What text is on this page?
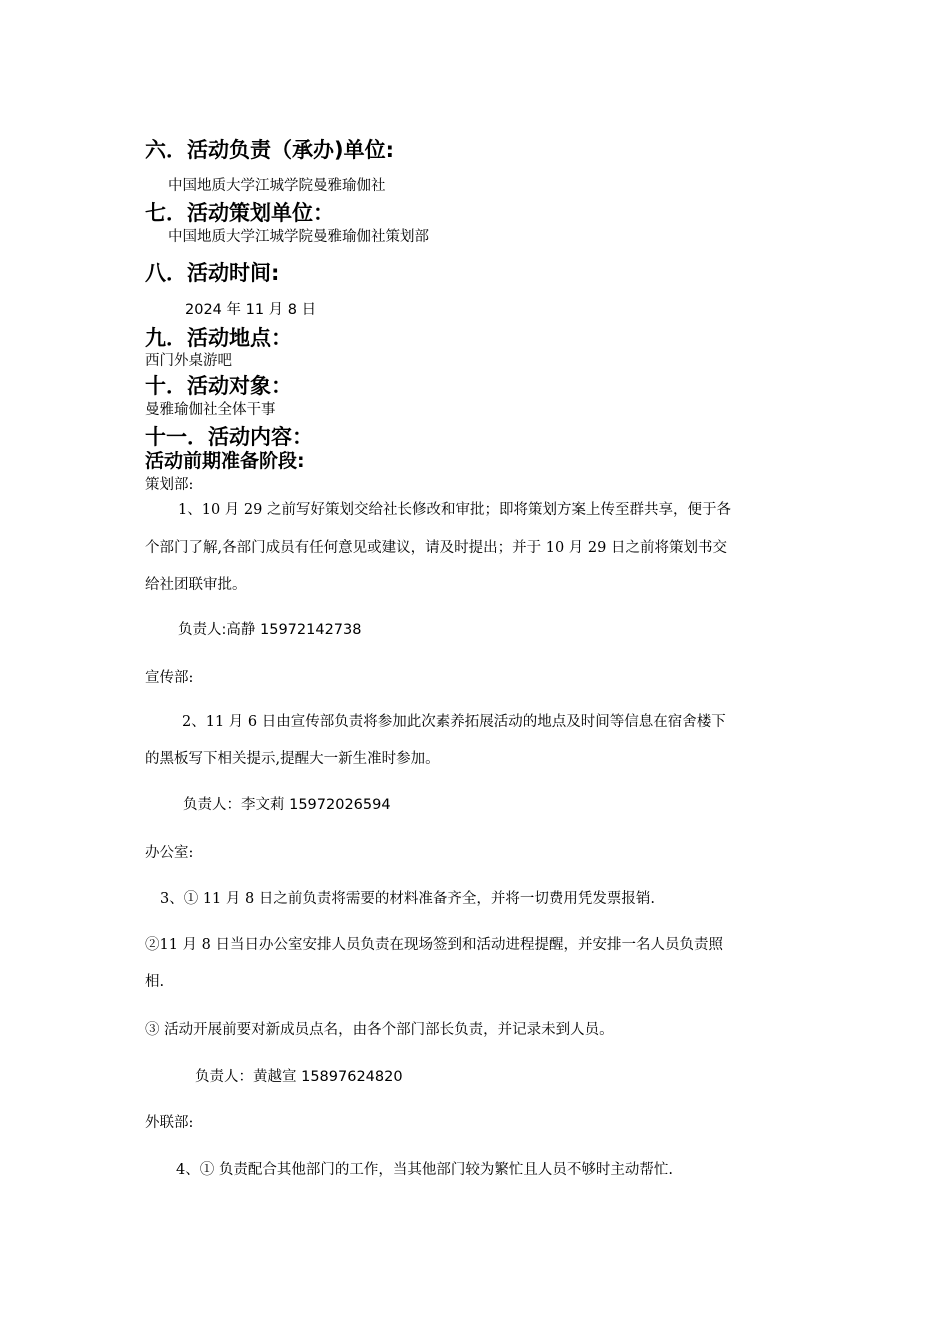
六．活动负责（承办)单位:
中国地质大学江城学院曼雅瑜伽社
七．活动策划单位：
中国地质大学江城学院曼雅瑜伽社策划部
八．活动时间:
2024 年 11 月 8 日
九．活动地点：
西门外桌游吧
十．活动对象：
曼雅瑜伽社全体干事
十一．活动内容：
活动前期准备阶段:
策划部:
1、10 月 29 之前写好策划交给社长修改和审批；即将策划方案上传至群共享，便于各
个部门了解,各部门成员有任何意见或建议，请及时提出；并于 10 月 29 日之前将策划书交
给社团联审批。
负责人:高静 15972142738
宣传部:
2、11 月 6 日由宣传部负责将参加此次素养拓展活动的地点及时间等信息在宿舍楼下
的黑板写下相关提示,提醒大一新生准时参加。
负责人：李文莉 15972026594
办公室:
3、① 11 月 8 日之前负责将需要的材料准备齐全，并将一切费用凭发票报销.
②11 月 8 日当日办公室安排人员负责在现场签到和活动进程提醒，并安排一名人员负责照
相.
③ 活动开展前要对新成员点名，由各个部门部长负责，并记录未到人员。
负责人：黄越宣 15897624820
外联部:
4、① 负责配合其他部门的工作，当其他部门较为繁忙且人员不够时主动帮忙.
